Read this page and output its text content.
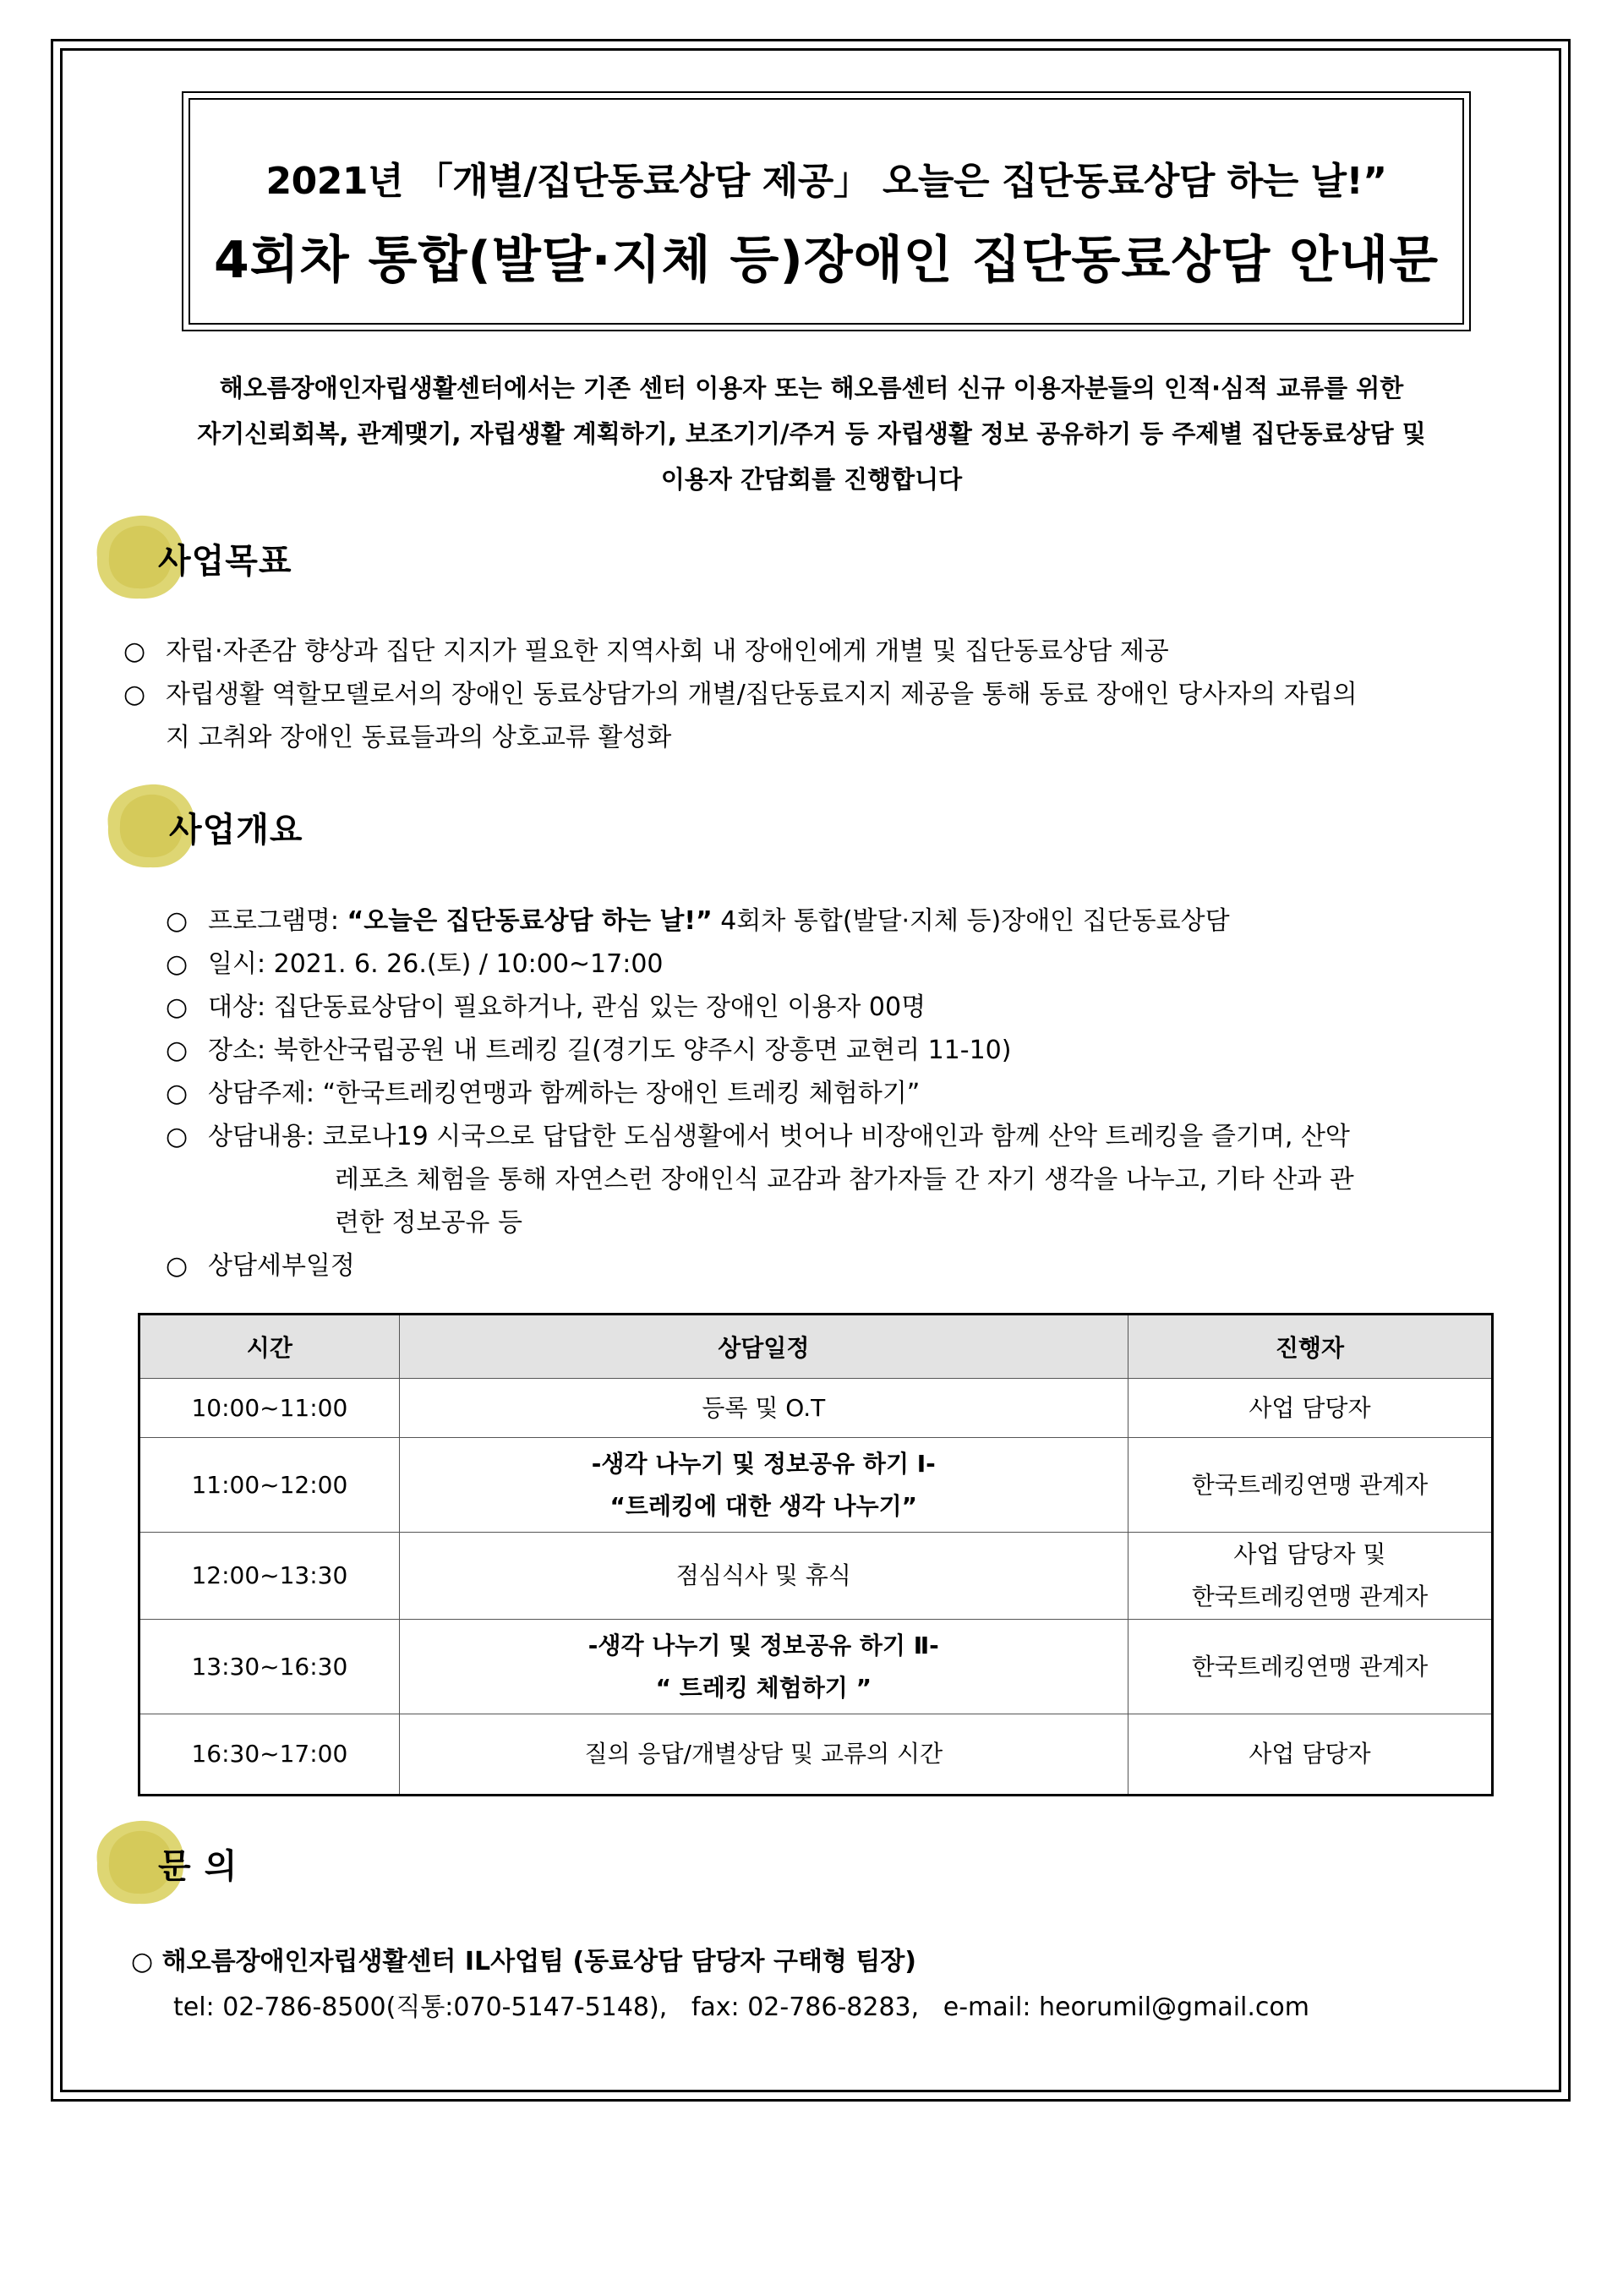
2021년 「개별/집단동료상담 제공」 오늘은 집단동료상담 하는 날!”
4회차 통합(발달·지체 등)장애인 집단동료상담 안내문
해오름장애인자립생활센터에서는 기존 센터 이용자 또는 해오름센터 신규 이용자분들의 인적·심적 교류를 위한
자기신뢰회복, 관계맺기, 자립생활 계획하기, 보조기기/주거 등 자립생활 정보 공유하기 등 주제별 집단동료상담 및
이용자 간담회를 진행합니다
사업목표
○ 자립·자존감 향상과 집단 지지가 필요한 지역사회 내 장애인에게 개별 및 집단동료상담 제공
○ 자립생활 역할모델로서의 장애인 동료상담가의 개별/집단동료지지 제공을 통해 동료 장애인 당사자의 자립의
지 고취와 장애인 동료들과의 상호교류 활성화
사업개요
○ 프로그램명: “오늘은 집단동료상담 하는 날!” 4회차 통합(발달·지체 등)장애인 집단동료상담
○ 일시: 2021. 6. 26.(토) / 10:00~17:00
○ 대상: 집단동료상담이 필요하거나, 관심 있는 장애인 이용자 00명
○ 장소: 북한산국립공원 내 트레킹 길(경기도 양주시 장흥면 교현리 11-10)
○ 상담주제: “한국트레킹연맹과 함께하는 장애인 트레킹 체험하기”
○ 상담내용: 코로나19 시국으로 답답한 도심생활에서 벗어나 비장애인과 함께 산악 트레킹을 즐기며, 산악
레포츠 체험을 통해 자연스런 장애인식 교감과 참가자들 간 자기 생각을 나누고, 기타 산과 관
련한 정보공유 등
○ 상담세부일정
시간	상담일정	진행자
10:00~11:00	등록 및 O.T	사업 담당자
11:00~12:00	-생각 나누기 및 정보공유 하기 Ⅰ-
“트레킹에 대한 생각 나누기”	한국트레킹연맹 관계자
12:00~13:30	점심식사 및 휴식	사업 담당자 및
한국트레킹연맹 관계자

13:30~16:30	-생각 나누기 및 정보공유 하기 Ⅱ-
“ 트레킹 체험하기 ”	한국트레킹연맹 관계자
16:30~17:00	질의 응답/개별상담 및 교류의 시간	사업 담당자
문 의
○ 해오름장애인자립생활센터 IL사업팀 (동료상담 담당자 구태형 팀장)
tel: 02-786-8500(직통:070-5147-5148),   fax: 02-786-8283,   e-mail: heorumil@gmail.com
